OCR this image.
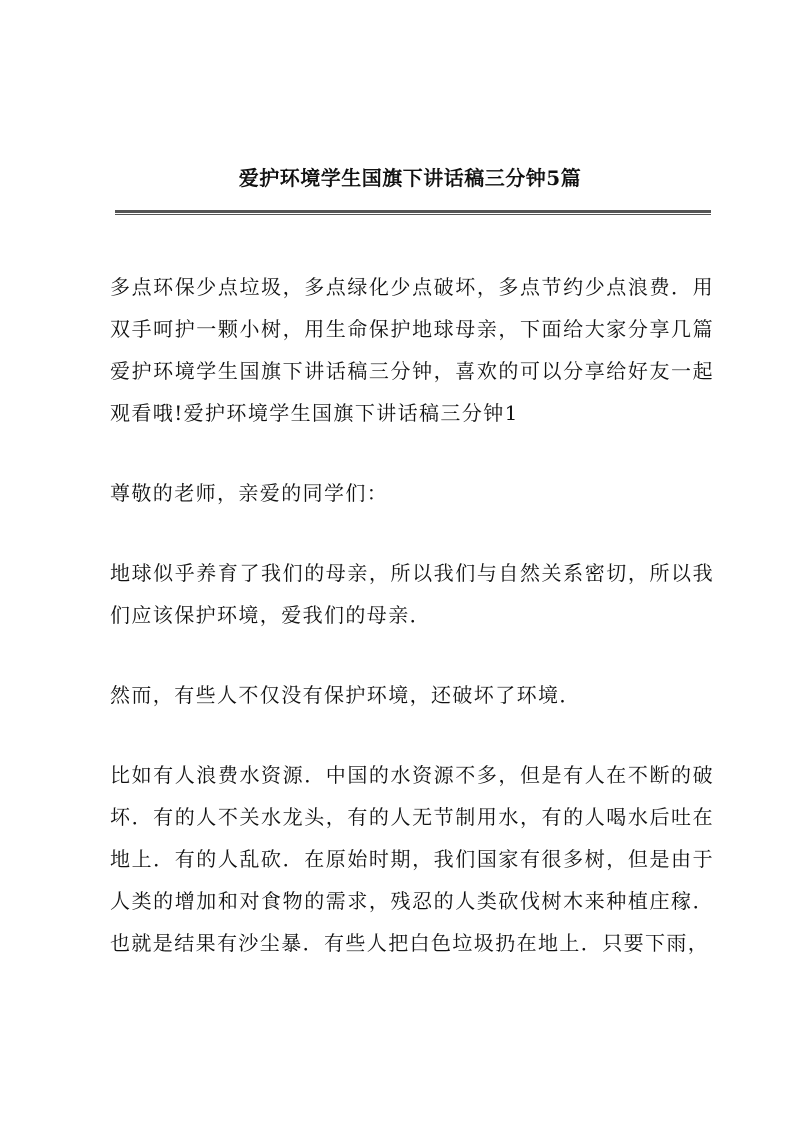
爱护环境学生国旗下讲话稿三分钟5篇

多点环保少点垃圾，多点绿化少点破坏，多点节约少点浪费．用双手呵护一颗小树，用生命保护地球母亲，下面给大家分享几篇爱护环境学生国旗下讲话稿三分钟，喜欢的可以分享给好友一起观看哦!爱护环境学生国旗下讲话稿三分钟1

尊敬的老师，亲爱的同学们：

地球似乎养育了我们的母亲，所以我们与自然关系密切，所以我们应该保护环境，爱我们的母亲．

然而，有些人不仅没有保护环境，还破坏了环境．

比如有人浪费水资源．中国的水资源不多，但是有人在不断的破坏．有的人不关水龙头，有的人无节制用水，有的人喝水后吐在地上．有的人乱砍．在原始时期，我们国家有很多树，但是由于人类的增加和对食物的需求，残忍的人类砍伐树木来种植庄稼．也就是结果有沙尘暴．有些人把白色垃圾扔在地上．只要下雨，
